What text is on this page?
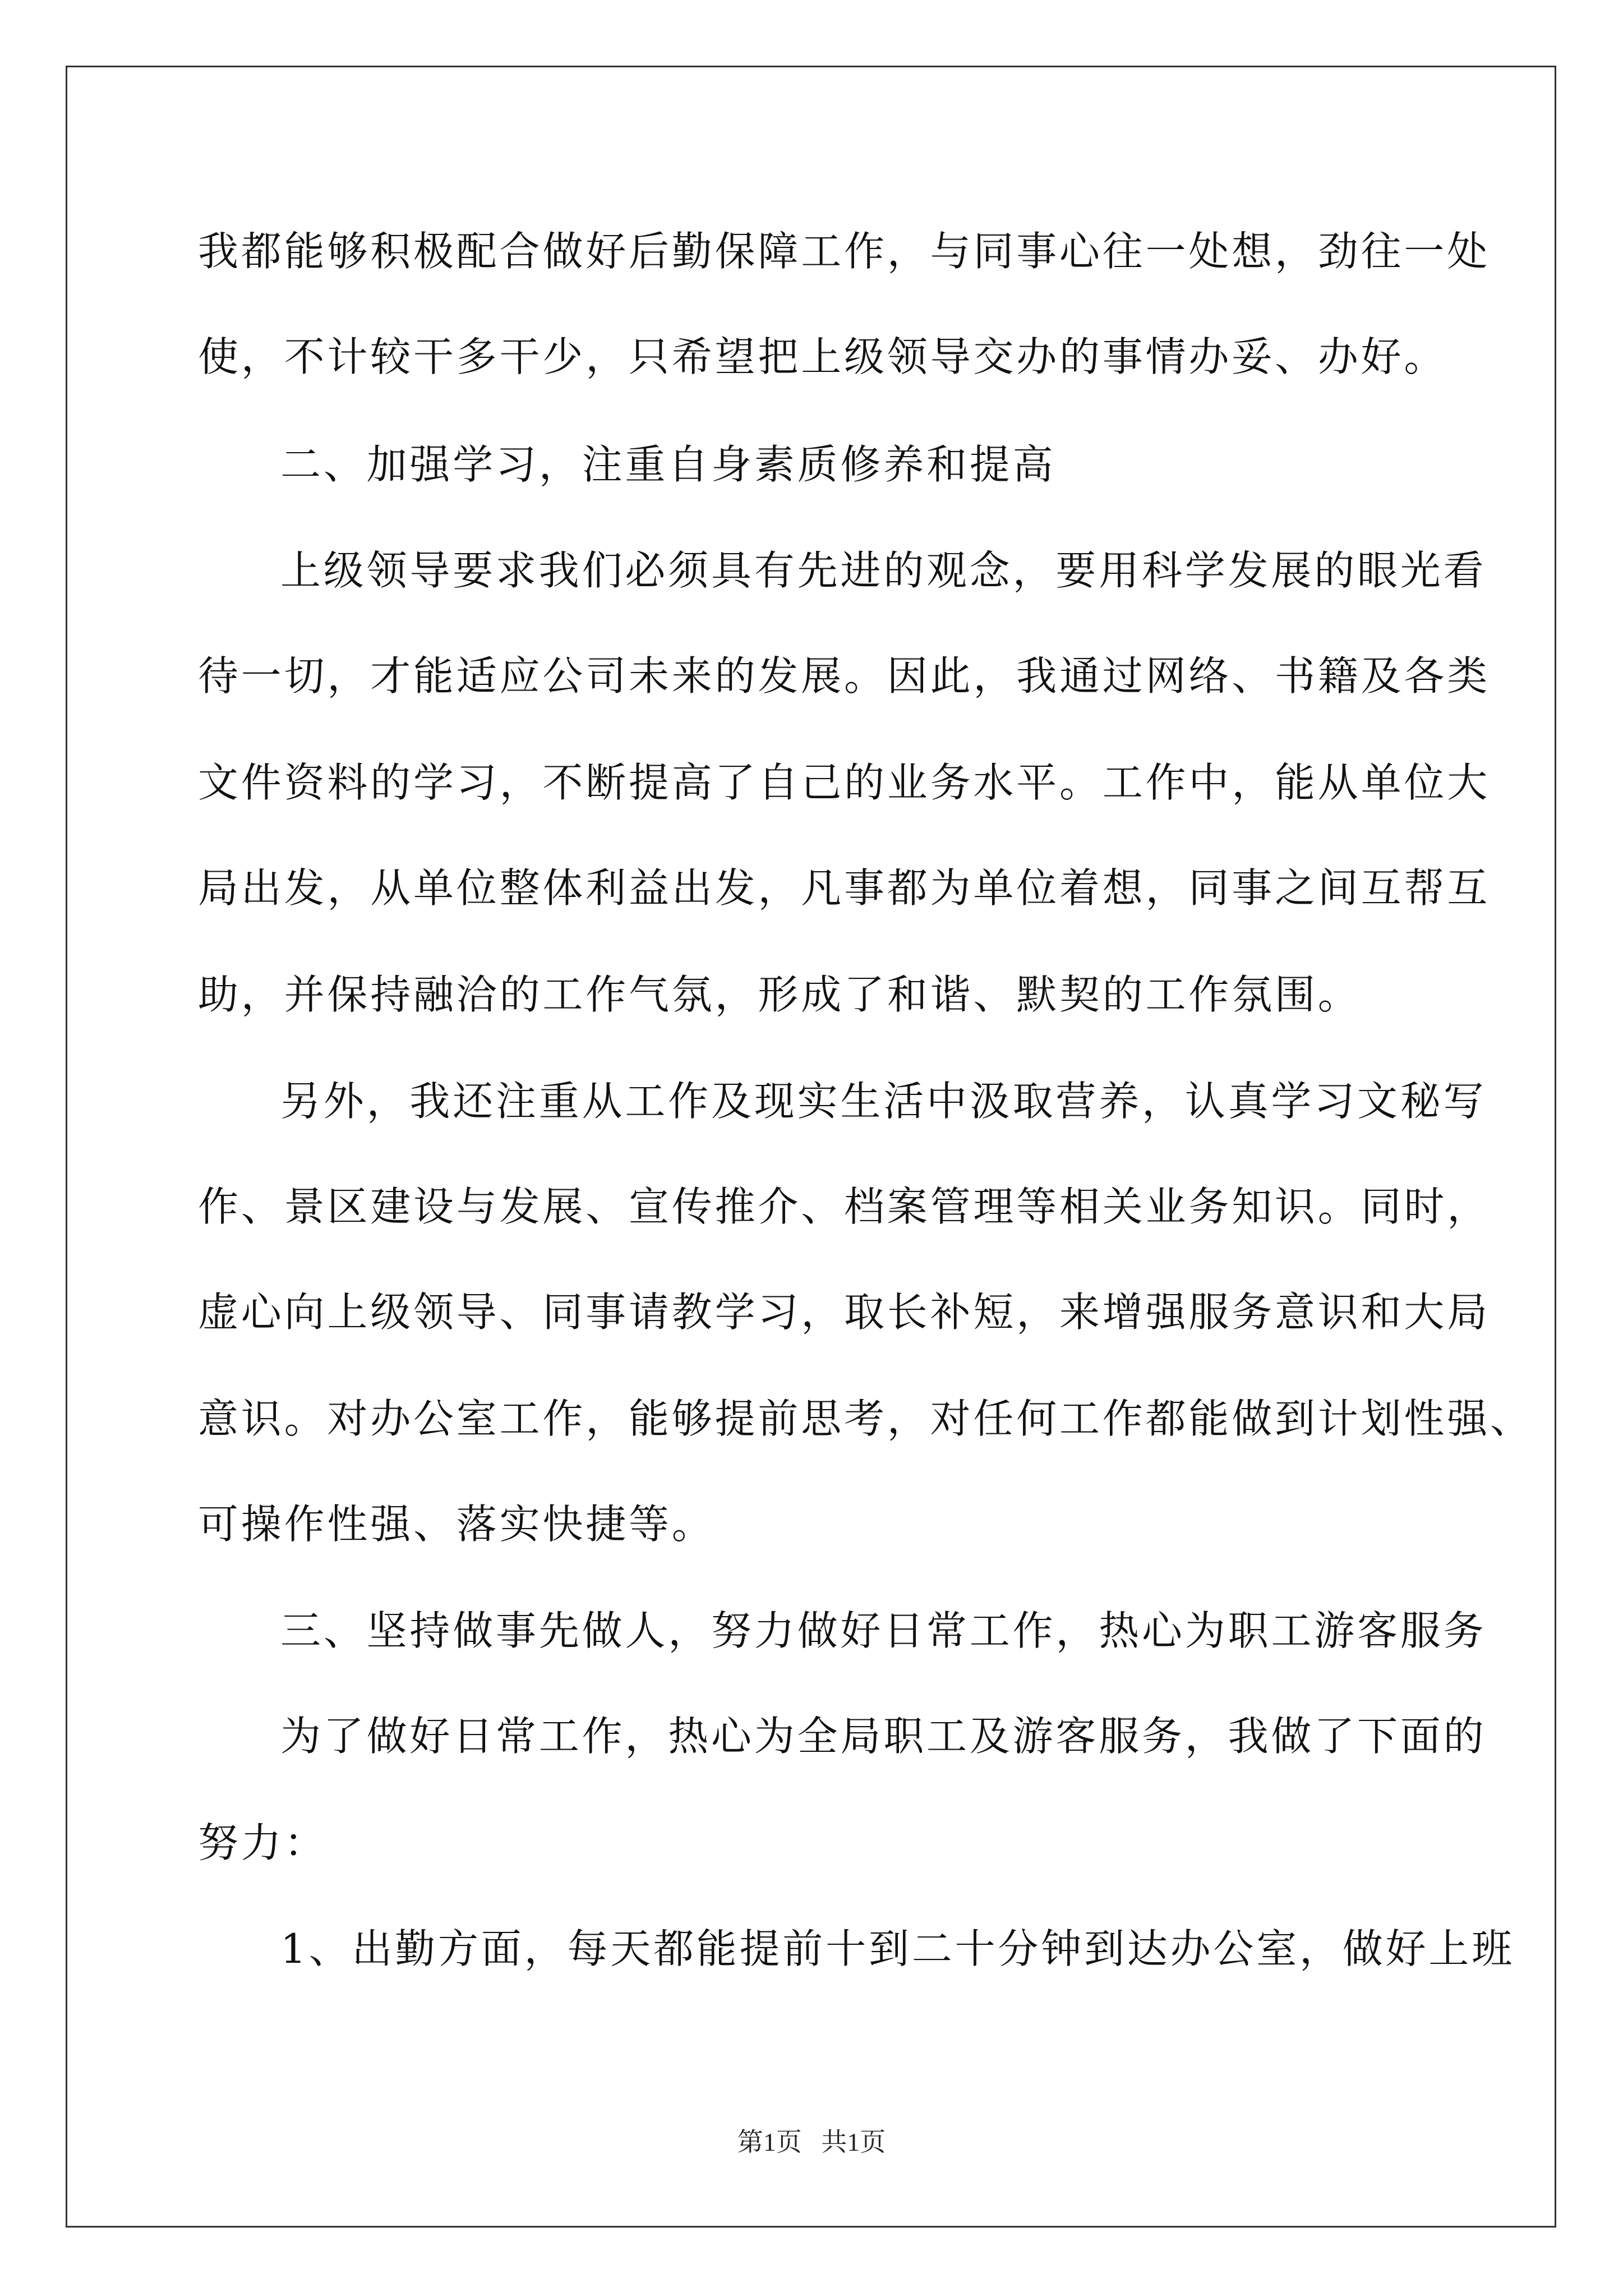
我都能够积极配合做好后勤保障工作，与同事心往一处想，劲往一处
使，不计较干多干少，只希望把上级领导交办的事情办妥、办好。
二、加强学习，注重自身素质修养和提高
上级领导要求我们必须具有先进的观念，要用科学发展的眼光看
待一切，才能适应公司未来的发展。因此，我通过网络、书籍及各类
文件资料的学习，不断提高了自己的业务水平。工作中，能从单位大
局出发，从单位整体利益出发，凡事都为单位着想，同事之间互帮互
助，并保持融洽的工作气氛，形成了和谐、默契的工作氛围。
另外，我还注重从工作及现实生活中汲取营养，认真学习文秘写
作、景区建设与发展、宣传推介、档案管理等相关业务知识。同时，
虚心向上级领导、同事请教学习，取长补短，来增强服务意识和大局
意识。对办公室工作，能够提前思考，对任何工作都能做到计划性强、
可操作性强、落实快捷等。
三、坚持做事先做人，努力做好日常工作，热心为职工游客服务
为了做好日常工作，热心为全局职工及游客服务，我做了下面的
努力：
1、出勤方面，每天都能提前十到二十分钟到达办公室，做好上班
第1页   共1页
